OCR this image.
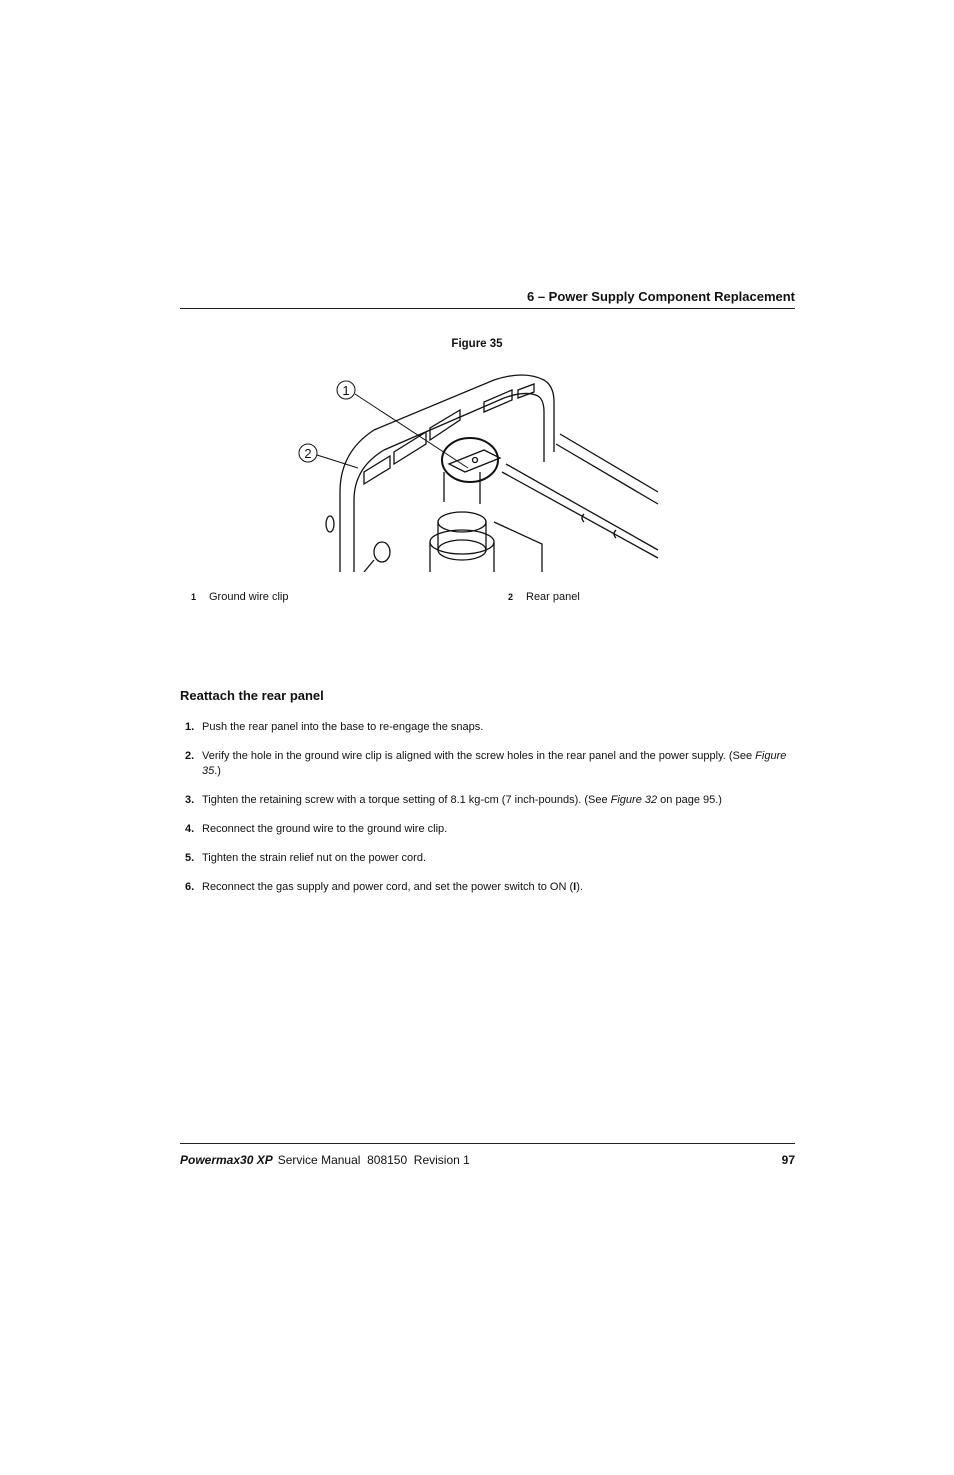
6 – Power Supply Component Replacement
Figure 35
1
2
1 Ground wire clip	2 Rear panel
Reattach the rear panel
1. Push the rear panel into the base to re-engage the snaps.
2. Verify the hole in the ground wire clip is aligned with the screw holes in the rear panel and the power supply. (See Figure 35.)
3. Tighten the retaining screw with a torque setting of 8.1 kg-cm (7 inch-pounds). (See Figure 32 on page 95.)
4. Reconnect the ground wire to the ground wire clip.
5. Tighten the strain relief nut on the power cord.
6. Reconnect the gas supply and power cord, and set the power switch to ON (I).
Powermax30 XP Service Manual  808150  Revision 1	97
